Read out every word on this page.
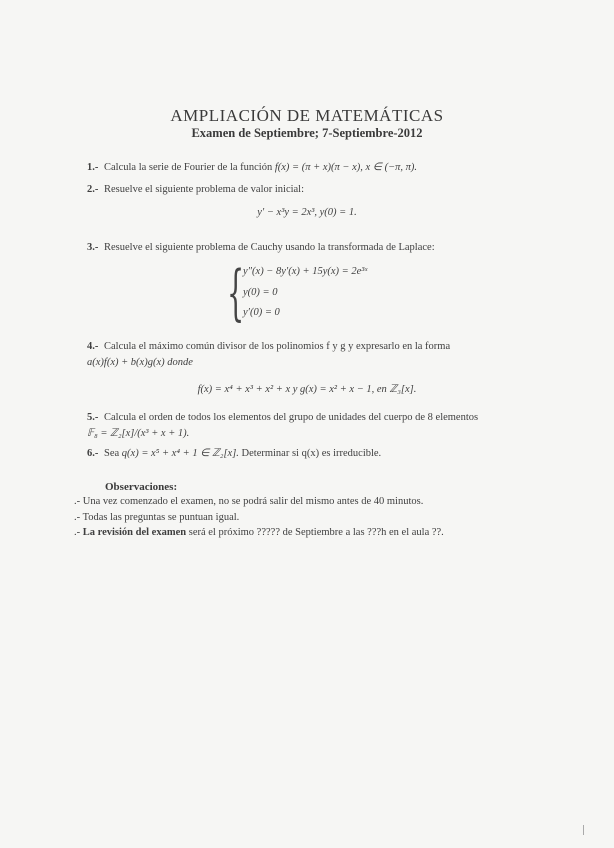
AMPLIACIÓN DE MATEMÁTICAS
Examen de Septiembre; 7-Septiembre-2012
1.- Calcula la serie de Fourier de la función f(x) = (π + x)(π − x), x ∈ (−π, π).
2.- Resuelve el siguiente problema de valor inicial:
y′ − x³y = 2x³, y(0) = 1.
3.- Resuelve el siguiente problema de Cauchy usando la transformada de Laplace:
{
y″(x) − 8y′(x) + 15y(x) = 2e³ˣ
y(0) = 0
y′(0) = 0
4.- Calcula el máximo común divisor de los polinomios f y g y expresarlo en la forma
a(x)f(x) + b(x)g(x) donde
f(x) = x⁴ + x³ + x² + x y g(x) = x² + x − 1, en ℤ₃[x].
5.- Calcula el orden de todos los elementos del grupo de unidades del cuerpo de 8 elementos
𝔽₈ = ℤ₂[x]/(x³ + x + 1).
6.- Sea q(x) = x⁵ + x⁴ + 1 ∈ ℤ₂[x]. Determinar si q(x) es irreducible.
Observaciones:
.- Una vez comenzado el examen, no se podrá salir del mismo antes de 40 minutos.
.- Todas las preguntas se puntuan igual.
.- La revisión del examen será el próximo ????? de Septiembre a las ???h en el aula ??.
